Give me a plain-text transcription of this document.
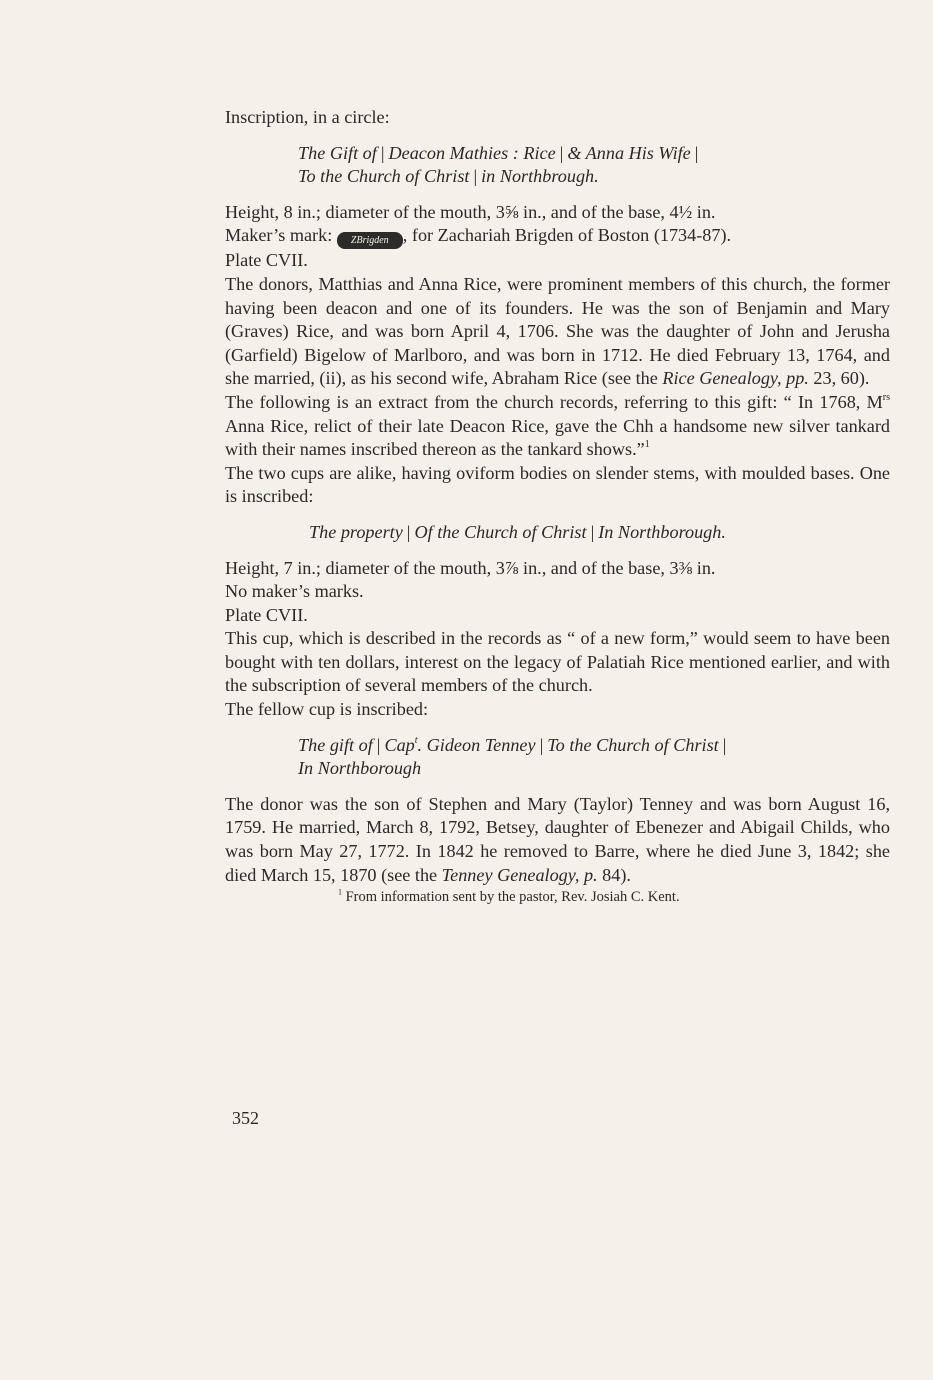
Inscription, in a circle:

The Gift of | Deacon Mathies : Rice | & Anna His Wife |
To the Church of Christ | in Northbrough.

Height, 8 in.; diameter of the mouth, 3⅝ in., and of the base, 4½ in.

Maker’s mark: ZBrigden , for Zachariah Brigden of Boston (1734-87).

Plate CVII.

The donors, Matthias and Anna Rice, were prominent members of this church, the former having been deacon and one of its founders. He was the son of Benjamin and Mary (Graves) Rice, and was born April 4, 1706. She was the daughter of John and Jerusha (Garfield) Bigelow of Marlboro, and was born in 1712. He died February 13, 1764, and she married, (ii), as his second wife, Abraham Rice (see the Rice Genealogy, pp. 23, 60).

The following is an extract from the church records, referring to this gift: “ In 1768, $M^{rs}$ Anna Rice, relict of their late Deacon Rice, gave the Chh a handsome new silver tankard with their names inscribed thereon as the tankard shows.”$^1$

The two cups are alike, having oviform bodies on slender stems, with moulded bases. One is inscribed:

The property | Of the Church of Christ | In Northborough.

Height, 7 in.; diameter of the mouth, 3⅞ in., and of the base, 3⅜ in.

No maker’s marks.

Plate CVII.

This cup, which is described in the records as “ of a new form,” would seem to have been bought with ten dollars, interest on the legacy of Palatiah Rice mentioned earlier, and with the subscription of several members of the church.

The fellow cup is inscribed:

The gift of | Cap$^t$. Gideon Tenney | To the Church of Christ |
In Northborough

The donor was the son of Stephen and Mary (Taylor) Tenney and was born August 16, 1759. He married, March 8, 1792, Betsey, daughter of Ebenezer and Abigail Childs, who was born May 27, 1772. In 1842 he removed to Barre, where he died June 3, 1842; she died March 15, 1870 (see the Tenney Genealogy, p. 84).

$^1$ From information sent by the pastor, Rev. Josiah C. Kent.

352
